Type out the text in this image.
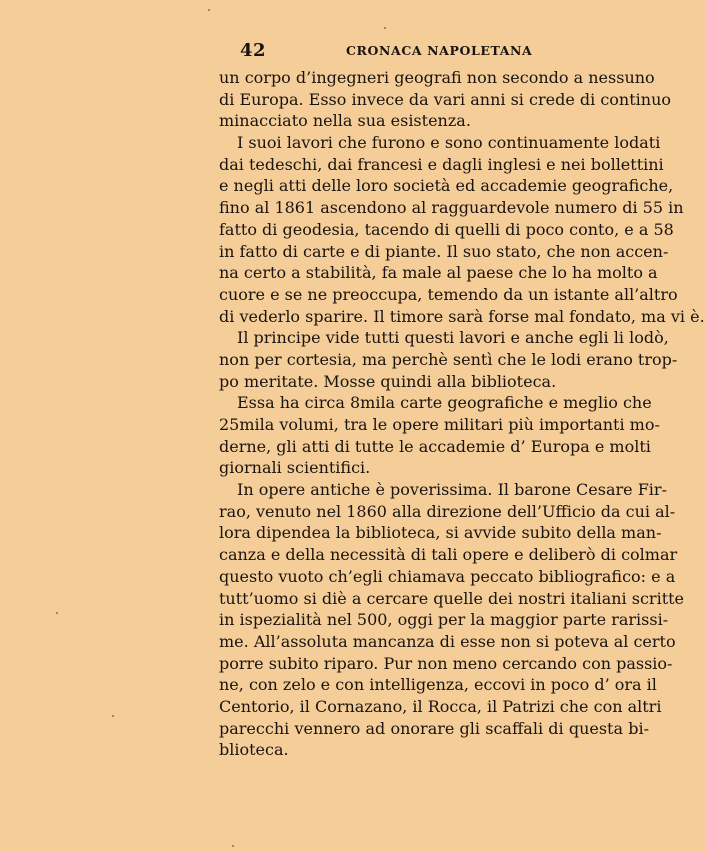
42	CRONACA NAPOLETANA
un corpo d’ingegneri geografi non secondo a nessuno
di Europa. Esso invece da vari anni si crede di continuo
minacciato nella sua esistenza.
I suoi lavori che furono e sono continuamente lodati
dai tedeschi, dai francesi e dagli inglesi e nei bollettini
e negli atti delle loro società ed accademie geografiche,
fino al 1861 ascendono al ragguardevole numero di 55 in
fatto di geodesia, tacendo di quelli di poco conto, e a 58
in fatto di carte e di piante. Il suo stato, che non accen-
na certo a stabilità, fa male al paese che lo ha molto a
cuore e se ne preoccupa, temendo da un istante all’altro
di vederlo sparire. Il timore sarà forse mal fondato, ma vi è.
Il principe vide tutti questi lavori e anche egli li lodò,
non per cortesia, ma perchè sentì che le lodi erano trop-
po meritate. Mosse quindi alla biblioteca.
Essa ha circa 8mila carte geografiche e meglio che
25mila volumi, tra le opere militari più importanti mo-
derne, gli atti di tutte le accademie d’ Europa e molti
giornali scientifici.
In opere antiche è poverissima. Il barone Cesare Fir-
rao, venuto nel 1860 alla direzione dell’Ufficio da cui al-
lora dipendea la biblioteca, si avvide subito della man-
canza e della necessità di tali opere e deliberò di colmar
questo vuoto ch’egli chiamava peccato bibliografico: e a
tutt’uomo si diè a cercare quelle dei nostri italiani scritte
in ispezialità nel 500, oggi per la maggior parte rarissi-
me. All’assoluta mancanza di esse non si poteva al certo
porre subito riparo. Pur non meno cercando con passio-
ne, con zelo e con intelligenza, eccovi in poco d’ ora il
Centorio, il Cornazano, il Rocca, il Patrizi che con altri
parecchi vennero ad onorare gli scaffali di questa bi-
blioteca.
